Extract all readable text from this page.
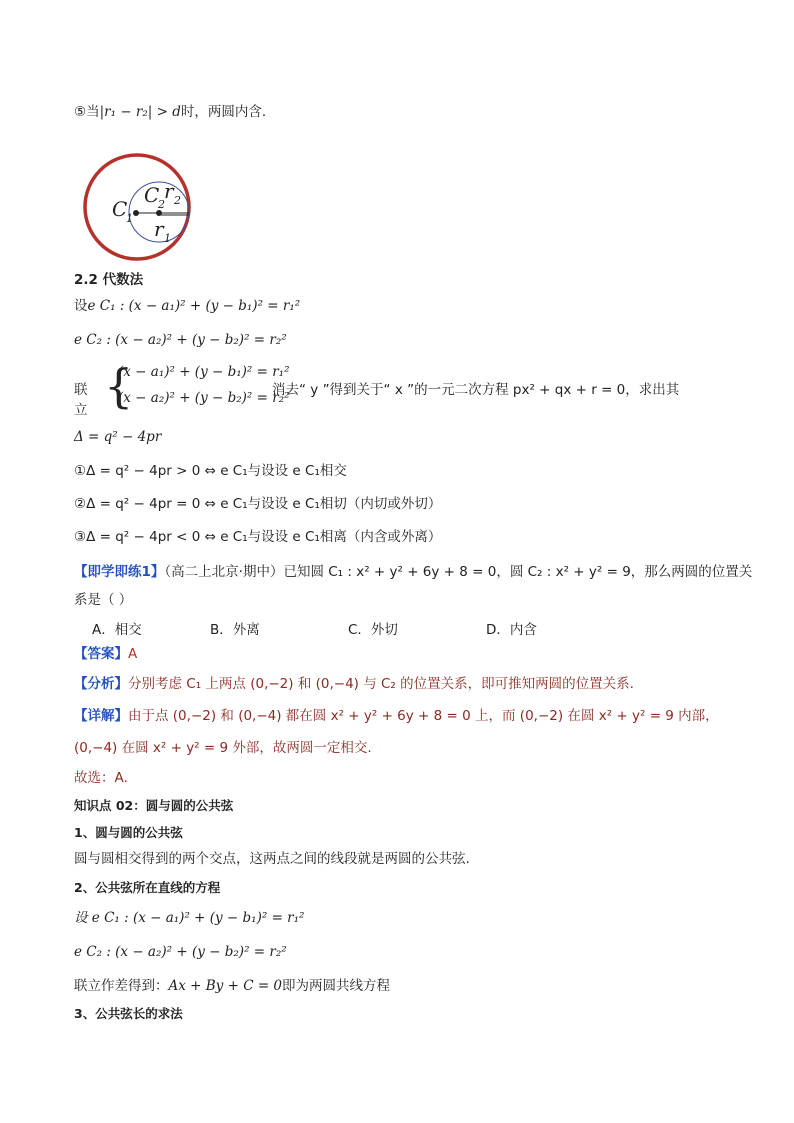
⑤当|r₁ − r₂| > d时，两圆内含.
C
1
C
2
r 2
r 1
2.2 代数法
设e C₁ : (x − a₁)² + (y − b₁)² = r₁²
e C₂ : (x − a₂)² + (y − b₂)² = r₂²
联立 {
(x − a₁)² + (y − b₁)² = r₁²
(x − a₂)² + (y − b₂)² = r₂²
消去“ y ”得到关于“ x ”的一元二次方程 px² + qx + r = 0，求出其
Δ = q² − 4pr
①Δ = q² − 4pr > 0 ⇔ e C₁与设设 e C₁相交
②Δ = q² − 4pr = 0 ⇔ e C₁与设设 e C₁相切（内切或外切）
③Δ = q² − 4pr < 0 ⇔ e C₁与设设 e C₁相离（内含或外离）
【即学即练1】（高二上北京·期中）已知圆 C₁ : x² + y² + 6y + 8 = 0，圆 C₂ : x² + y² = 9，那么两圆的位置关
系是（ ）
A．相交	B．外离	C．外切	D．内含
【答案】A
【分析】分别考虑 C₁ 上两点 (0,−2) 和 (0,−4) 与 C₂ 的位置关系，即可推知两圆的位置关系.
【详解】由于点 (0,−2) 和 (0,−4) 都在圆 x² + y² + 6y + 8 = 0 上，而 (0,−2) 在圆 x² + y² = 9 内部，
(0,−4) 在圆 x² + y² = 9 外部，故两圆一定相交.
故选：A.
知识点 02：圆与圆的公共弦
1、圆与圆的公共弦
圆与圆相交得到的两个交点，这两点之间的线段就是两圆的公共弦.
2、公共弦所在直线的方程
设 e C₁ : (x − a₁)² + (y − b₁)² = r₁²
e C₂ : (x − a₂)² + (y − b₂)² = r₂²
联立作差得到：Ax + By + C = 0即为两圆共线方程
3、公共弦长的求法
